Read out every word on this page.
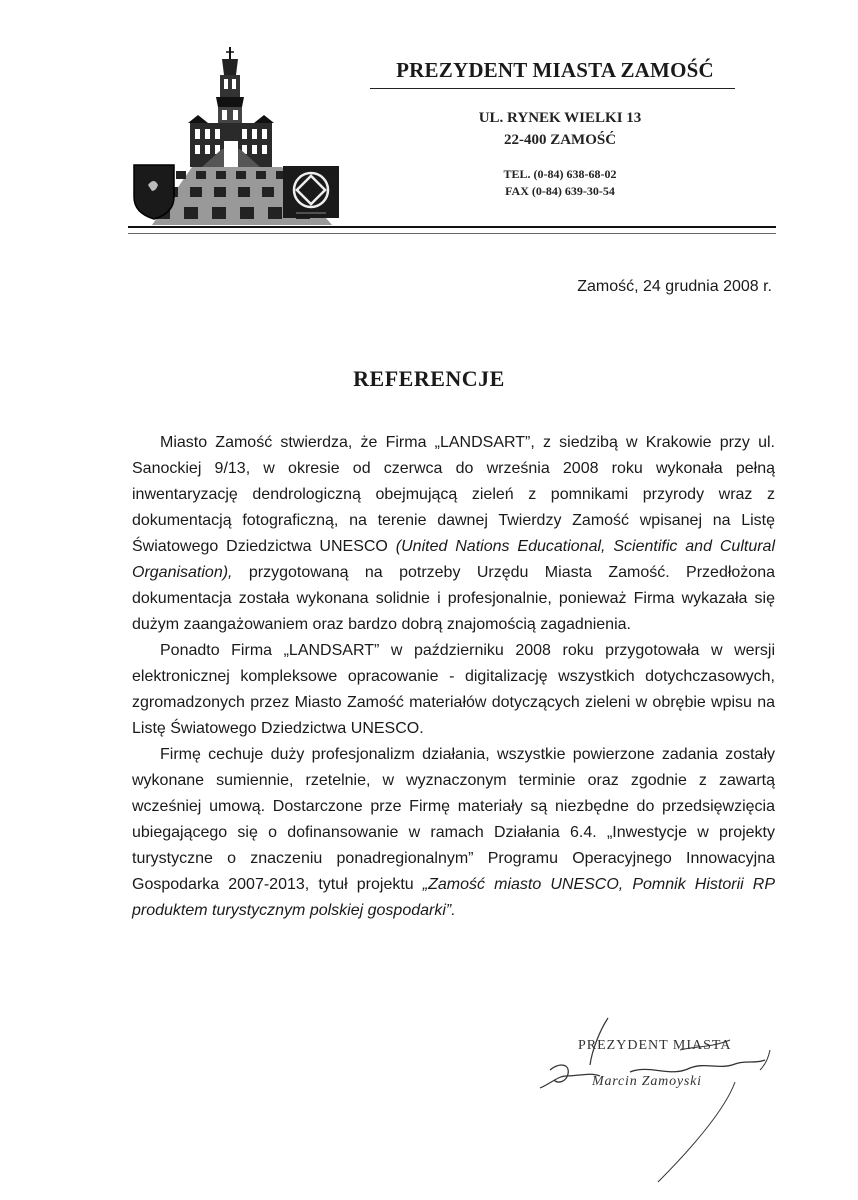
PREZYDENT MIASTA ZAMOŚĆ
UL. RYNEK WIELKI 13
22-400 ZAMOŚĆ
TEL. (0-84) 638-68-02
FAX (0-84) 639-30-54
Zamość, 24 grudnia 2008 r.
REFERENCJE

Miasto Zamość stwierdza, że Firma „LANDSART”, z siedzibą w Krakowie przy ul. Sanockiej 9/13, w okresie od czerwca do września 2008 roku wykonała pełną inwentaryzację dendrologiczną obejmującą zieleń z pomnikami przyrody wraz z dokumentacją fotograficzną, na terenie dawnej Twierdzy Zamość wpisanej na Listę Światowego Dziedzictwa UNESCO (United Nations Educational, Scientific and Cultural Organisation), przygotowaną na potrzeby Urzędu Miasta Zamość. Przedłożona dokumentacja została wykonana solidnie i profesjonalnie, ponieważ Firma wykazała się dużym zaangażowaniem oraz bardzo dobrą znajomością zagadnienia.

Ponadto Firma „LANDSART” w październiku 2008 roku przygotowała w wersji elektronicznej kompleksowe opracowanie - digitalizację wszystkich dotychczasowych, zgromadzonych przez Miasto Zamość materiałów dotyczących zieleni w obrębie wpisu na Listę Światowego Dziedzictwa UNESCO.

Firmę cechuje duży profesjonalizm działania, wszystkie powierzone zadania zostały wykonane sumiennie, rzetelnie, w wyznaczonym terminie oraz zgodnie z zawartą wcześniej umową. Dostarczone prze Firmę materiały są niezbędne do przedsięwzięcia ubiegającego się o dofinansowanie w ramach Działania 6.4. „Inwestycje w projekty turystyczne o znaczeniu ponadregionalnym” Programu Operacyjnego Innowacyjna Gospodarka 2007-2013, tytuł projektu „Zamość miasto UNESCO, Pomnik Historii RP produktem turystycznym polskiej gospodarki”.

PREZYDENT MIASTA
Marcin Zamoyski
